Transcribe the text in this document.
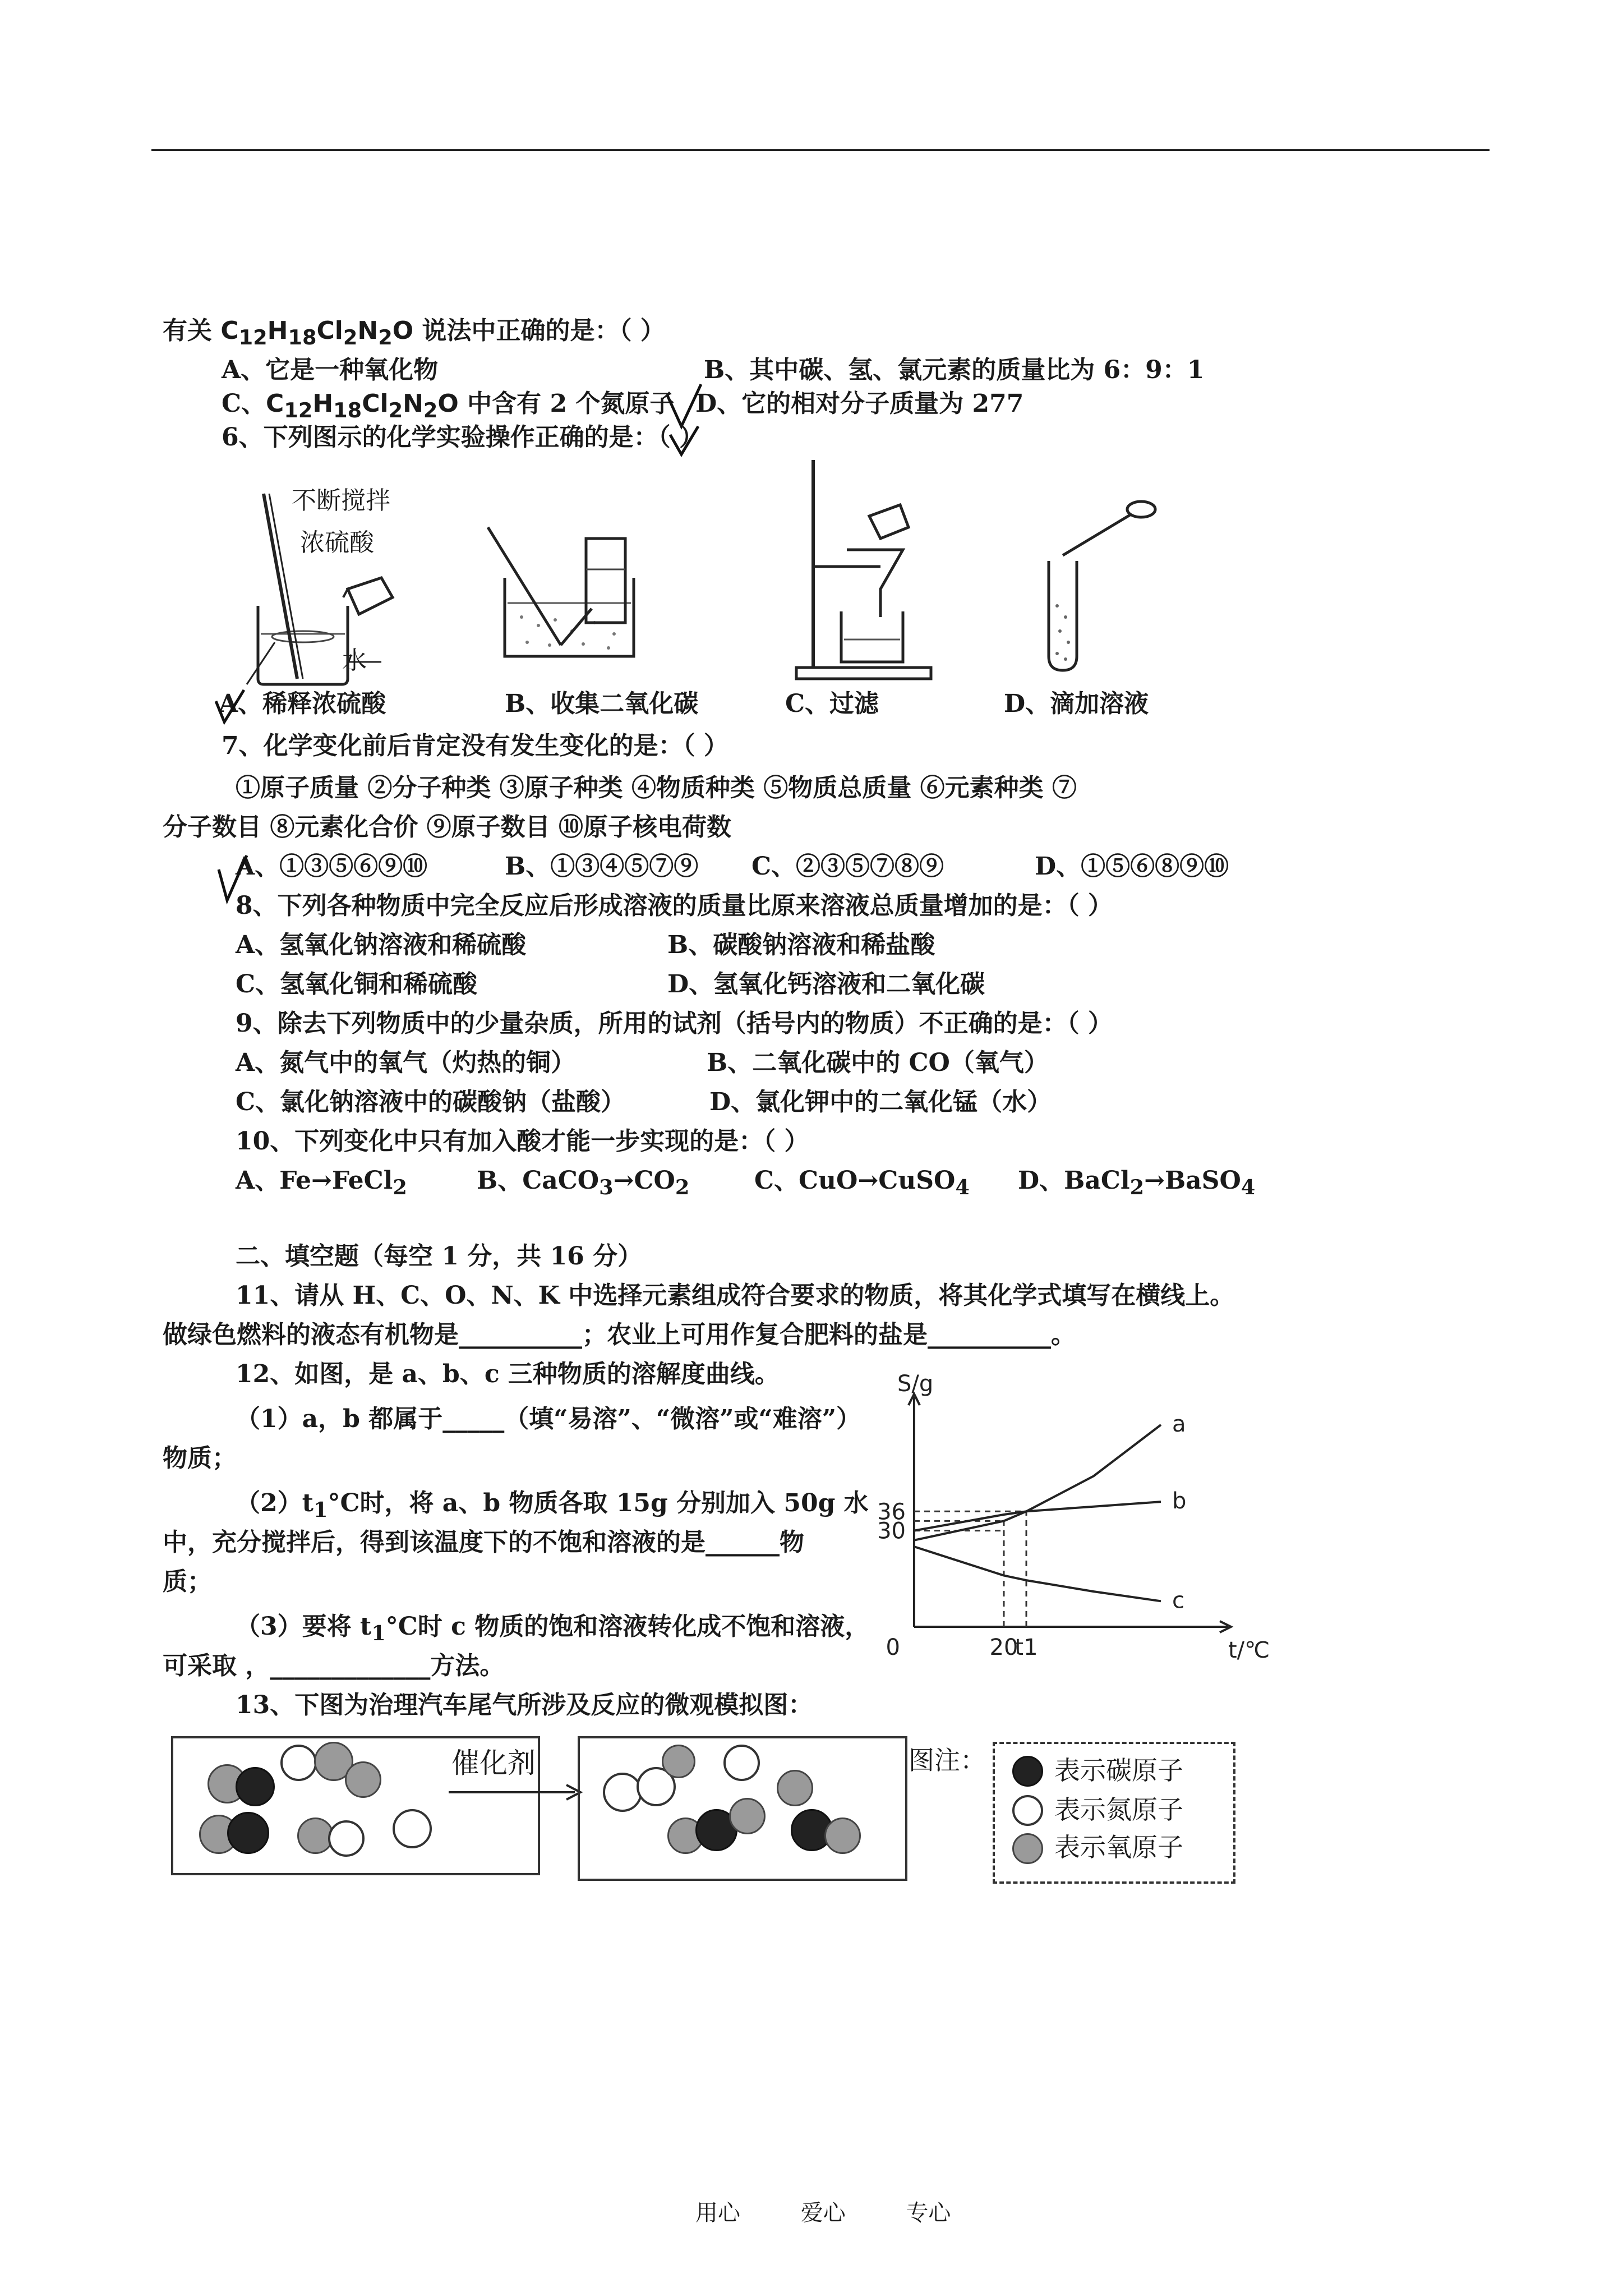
有关 $C_{12}H_{18}Cl_2N_2O$ 说法中正确的是：（ ）
A、它是一种氧化物	B、其中碳、氢、氯元素的质量比为 6：9：1
C、$C_{12}H_{18}Cl_2N_2O$ 中含有 2 个氮原子 D、它的相对分子质量为 277
6、下列图示的化学实验操作正确的是：（ ）
不断搅拌
浓硫酸
水
A、稀释浓硫酸	B、收集二氧化碳	C、过滤	D、滴加溶液
7、化学变化前后肯定没有发生变化的是：（ ）
①原子质量 ②分子种类 ③原子种类 ④物质种类 ⑤物质总质量 ⑥元素种类 ⑦
分子数目 ⑧元素化合价 ⑨原子数目 ⑩原子核电荷数
A、①③⑤⑥⑨⑩	B、①③④⑤⑦⑨ C、②③⑤⑦⑧⑨	D、①⑤⑥⑧⑨⑩
8、下列各种物质中完全反应后形成溶液的质量比原来溶液总质量增加的是：（ ）
A、氢氧化钠溶液和稀硫酸	B、碳酸钠溶液和稀盐酸
C、氢氧化铜和稀硫酸	D、氢氧化钙溶液和二氧化碳
9、除去下列物质中的少量杂质，所用的试剂（括号内的物质）不正确的是：（ ）
A、氮气中的氧气（灼热的铜）	B、二氧化碳中的 CO（氧气）
C、氯化钠溶液中的碳酸钠（盐酸）	D、氯化钾中的二氧化锰（水）
10、下列变化中只有加入酸才能一步实现的是：（ ）
A、Fe→FeCl$_2$	B、$CaCO_3\to CO_2$	C、CuO→CuSO$_4$ D、BaCl$_2$→BaSO$_4$
二、填空题（每空 1 分，共 16 分）
11、请从 H、C、O、N、K 中选择元素组成符合要求的物质，将其化学式填写在横线上。
做绿色燃料的液态有机物是__________；农业上可用作复合肥料的盐是__________。
12、如图，是 a、b、c 三种物质的溶解度曲线。
（1）a，b 都属于_____（填“易溶”、“微溶”或“难溶”）
物质；
$(2)t_1^\circ C$时，将 a、b 物质各取 15g 分别加入 50g 水
中，充分搅拌后，得到该温度下的不饱和溶液的是______物
质；
（3）要将 $t_1^\circ C$时 c 物质的饱和溶液转化成不饱和溶液，
可采取 ，_____________方法。
S/g
t/℃
0
30
36
20
t1
a
b
c
13、下图为治理汽车尾气所涉及反应的微观模拟图：
催化剂	图注：	表示碳原子
表示氮原子
表示氧原子
用心	爱心	专心
